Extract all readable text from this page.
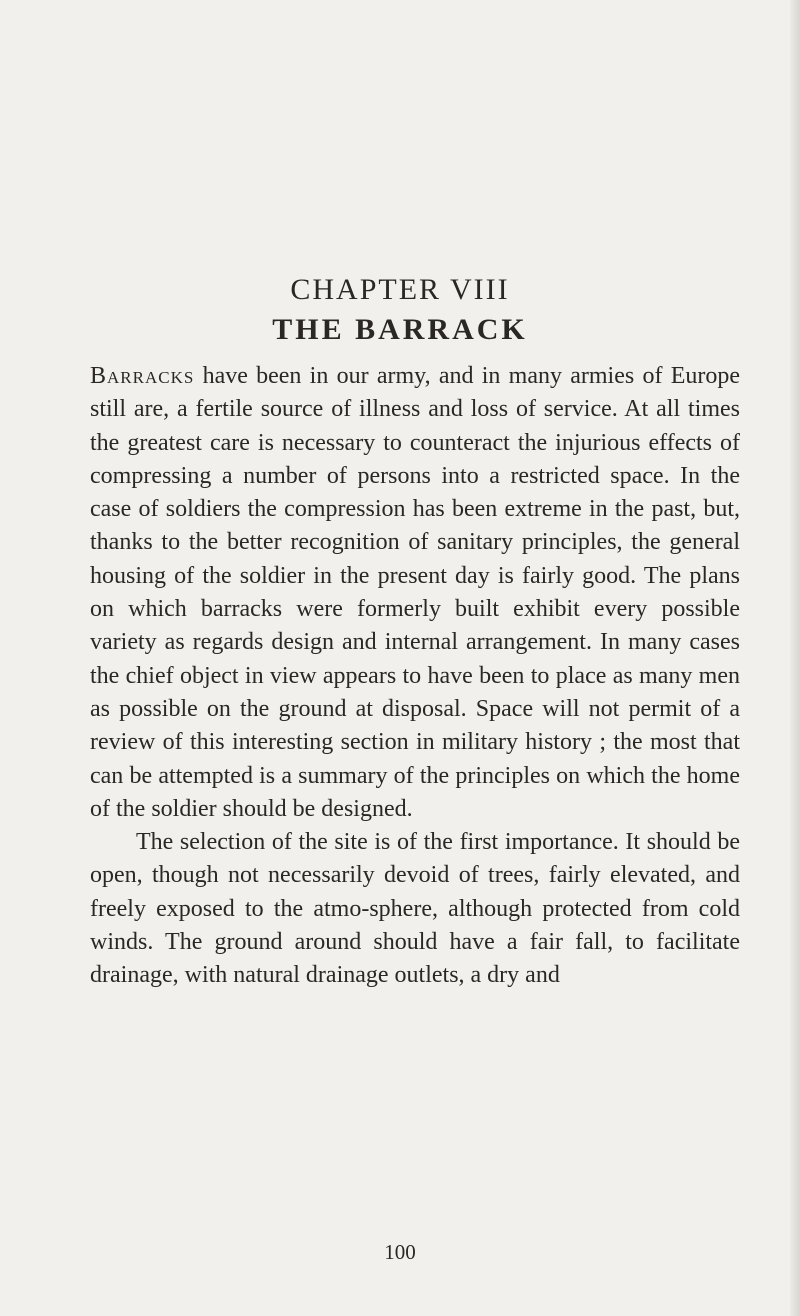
CHAPTER VIII
THE BARRACK

Barracks have been in our army, and in many armies of Europe still are, a fertile source of illness and loss of service. At all times the greatest care is necessary to counteract the injurious effects of compressing a number of persons into a restricted space. In the case of soldiers the compression has been extreme in the past, but, thanks to the better recognition of sanitary principles, the general housing of the soldier in the present day is fairly good. The plans on which barracks were formerly built exhibit every possible variety as regards design and internal arrangement. In many cases the chief object in view appears to have been to place as many men as possible on the ground at disposal. Space will not permit of a review of this interesting section in military history ; the most that can be attempted is a summary of the principles on which the home of the soldier should be designed.

The selection of the site is of the first importance. It should be open, though not necessarily devoid of trees, fairly elevated, and freely exposed to the atmo-sphere, although protected from cold winds. The ground around should have a fair fall, to facilitate drainage, with natural drainage outlets, a dry and

100
